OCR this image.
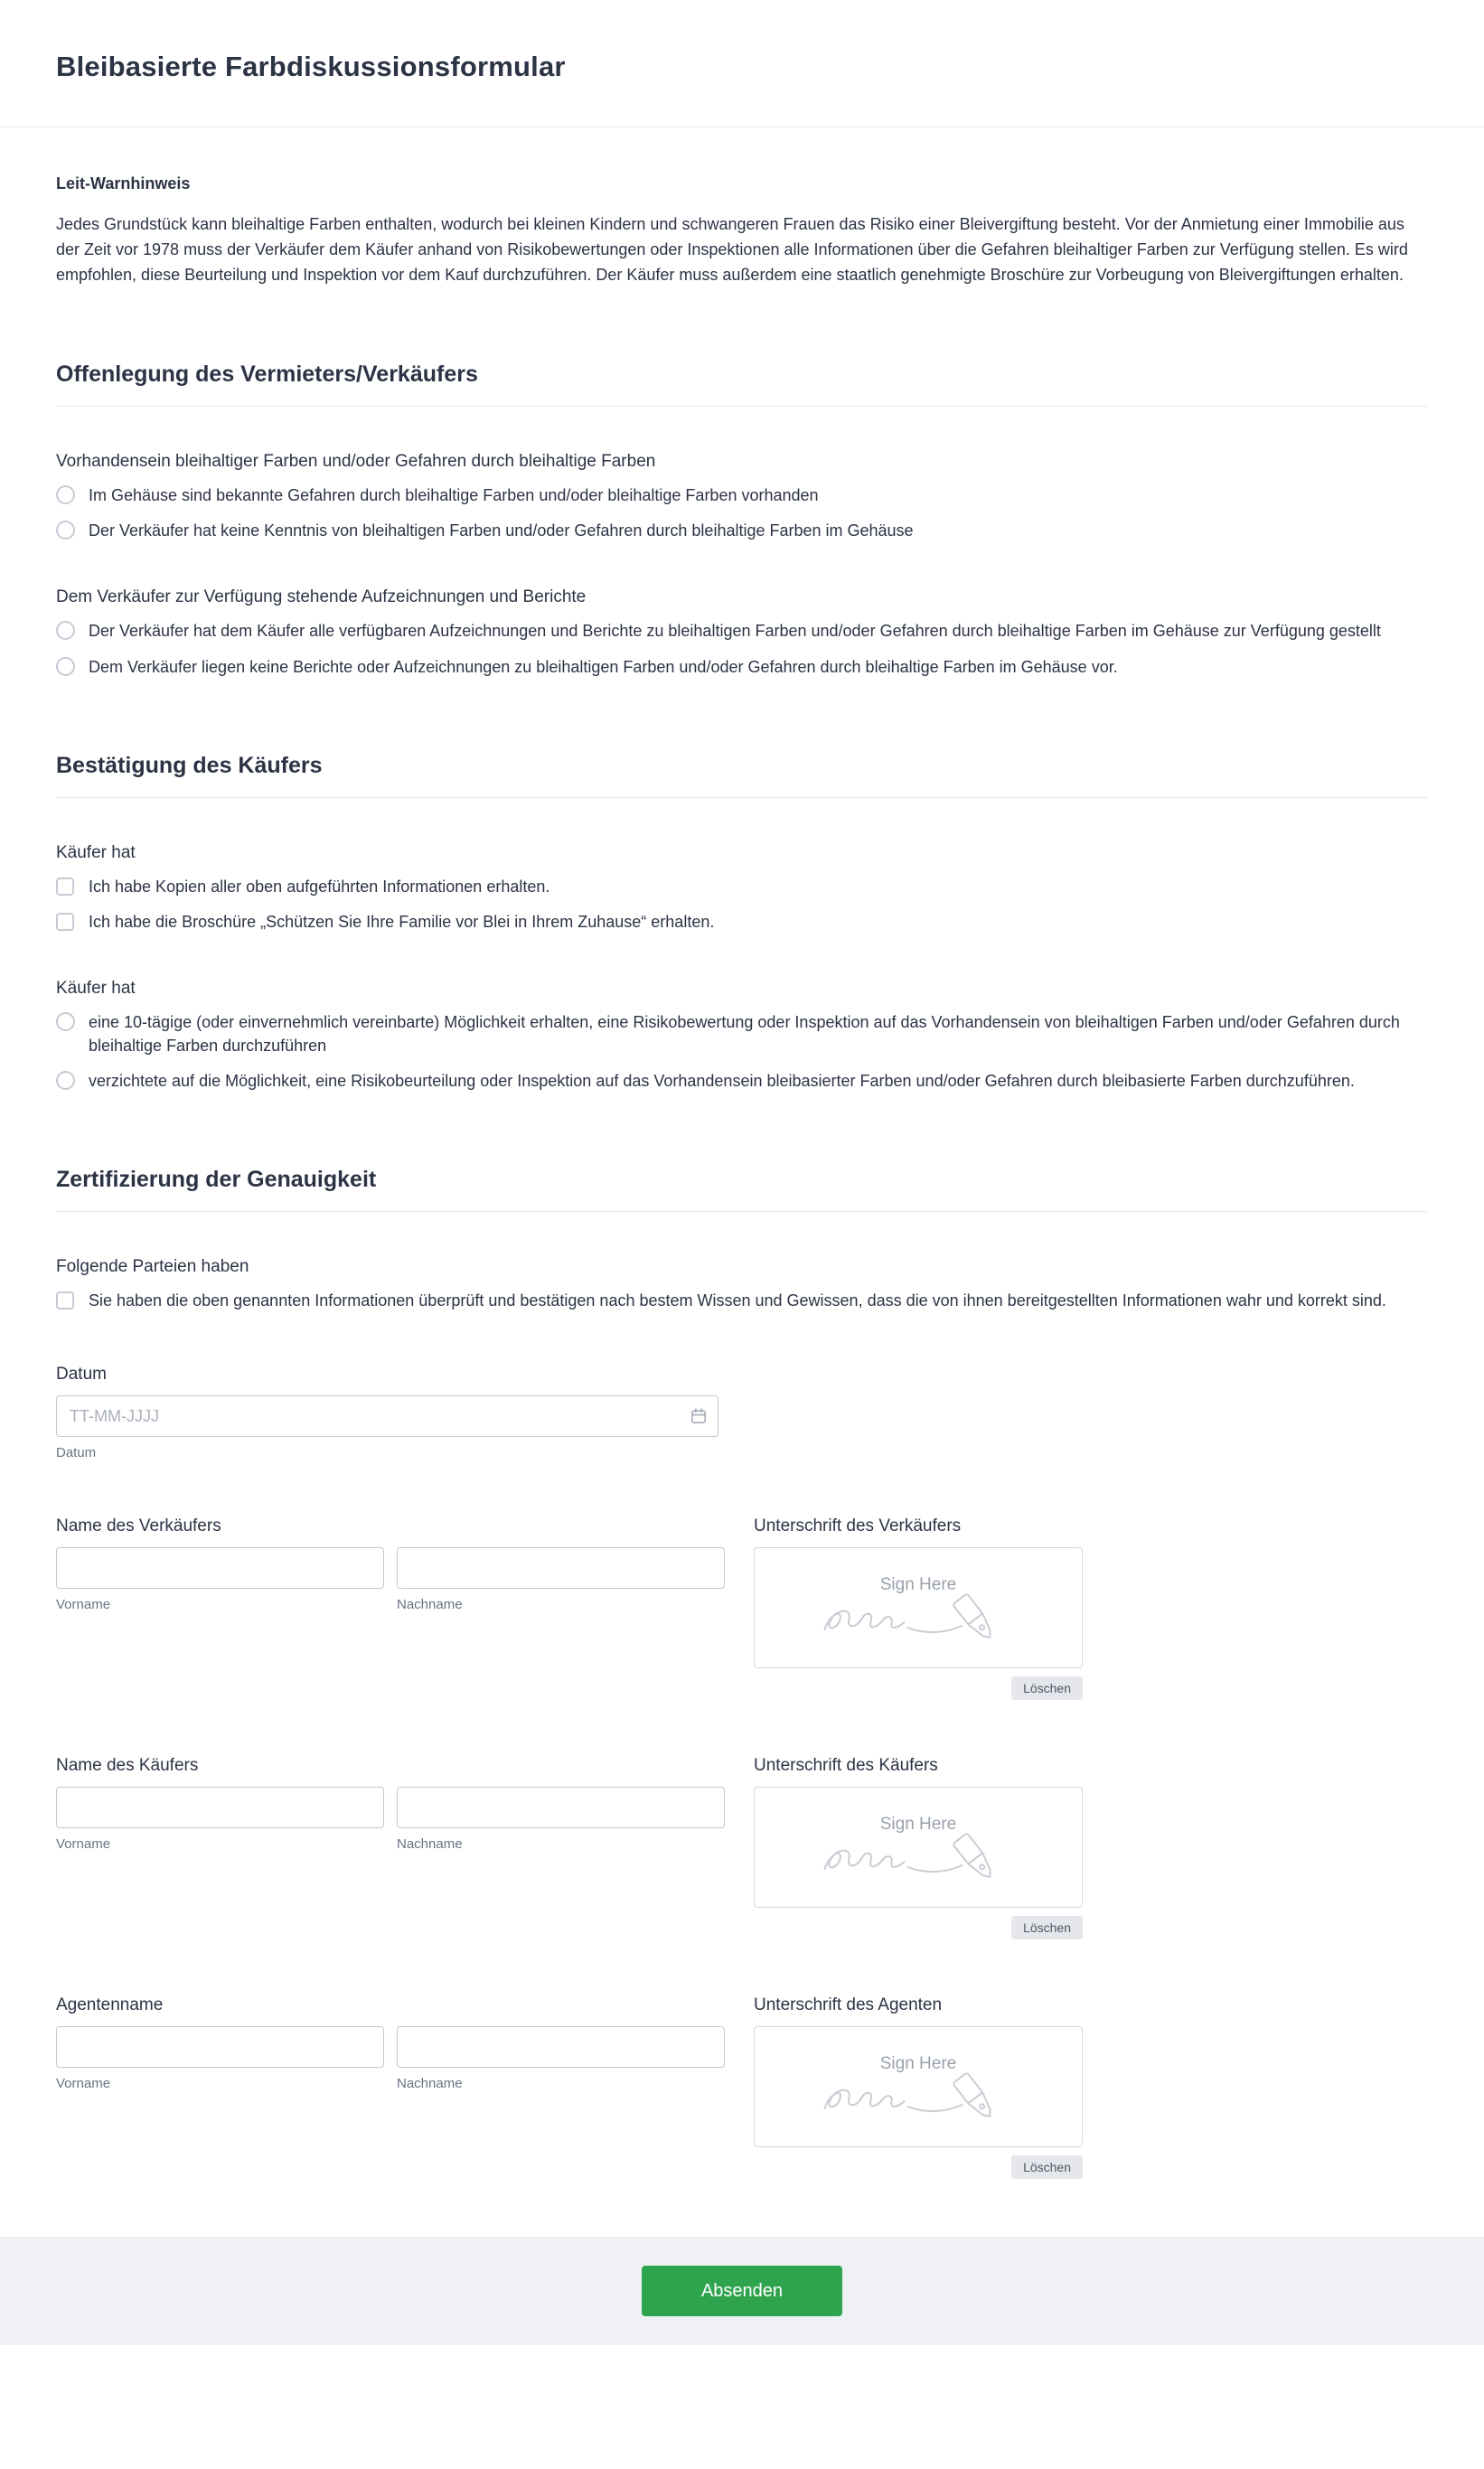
Bleibasierte Farbdiskussionsformular
Leit-Warnhinweis

Jedes Grundstück kann bleihaltige Farben enthalten, wodurch bei kleinen Kindern und schwangeren Frauen das Risiko einer Bleivergiftung besteht. Vor der Anmietung einer Immobilie aus der Zeit vor 1978 muss der Verkäufer dem Käufer anhand von Risikobewertungen oder Inspektionen alle Informationen über die Gefahren bleihaltiger Farben zur Verfügung stellen. Es wird empfohlen, diese Beurteilung und Inspektion vor dem Kauf durchzuführen. Der Käufer muss außerdem eine staatlich genehmigte Broschüre zur Vorbeugung von Bleivergiftungen erhalten.

Offenlegung des Vermieters/Verkäufers
Vorhandensein bleihaltiger Farben und/oder Gefahren durch bleihaltige Farben
Im Gehäuse sind bekannte Gefahren durch bleihaltige Farben und/oder bleihaltige Farben vorhanden
Der Verkäufer hat keine Kenntnis von bleihaltigen Farben und/oder Gefahren durch bleihaltige Farben im Gehäuse
Dem Verkäufer zur Verfügung stehende Aufzeichnungen und Berichte
Der Verkäufer hat dem Käufer alle verfügbaren Aufzeichnungen und Berichte zu bleihaltigen Farben und/oder Gefahren durch bleihaltige Farben im Gehäuse zur Verfügung gestellt
Dem Verkäufer liegen keine Berichte oder Aufzeichnungen zu bleihaltigen Farben und/oder Gefahren durch bleihaltige Farben im Gehäuse vor.
Bestätigung des Käufers
Käufer hat
Ich habe Kopien aller oben aufgeführten Informationen erhalten.
Ich habe die Broschüre „Schützen Sie Ihre Familie vor Blei in Ihrem Zuhause“ erhalten.
Käufer hat
eine 10-tägige (oder einvernehmlich vereinbarte) Möglichkeit erhalten, eine Risikobewertung oder Inspektion auf das Vorhandensein von bleihaltigen Farben und/oder Gefahren durch bleihaltige Farben durchzuführen
verzichtete auf die Möglichkeit, eine Risikobeurteilung oder Inspektion auf das Vorhandensein bleibasierter Farben und/oder Gefahren durch bleibasierte Farben durchzuführen.
Zertifizierung der Genauigkeit
Folgende Parteien haben
Sie haben die oben genannten Informationen überprüft und bestätigen nach bestem Wissen und Gewissen, dass die von ihnen bereitgestellten Informationen wahr und korrekt sind.
Datum
TT-MM-JJJJ
Datum
Name des Verkäufers
Vorname	Nachname
Unterschrift des Verkäufers
Sign Here
Löschen
Name des Käufers
Vorname	Nachname
Unterschrift des Käufers
Sign Here
Löschen
Agentenname
Vorname	Nachname
Unterschrift des Agenten
Sign Here
Löschen
Absenden
